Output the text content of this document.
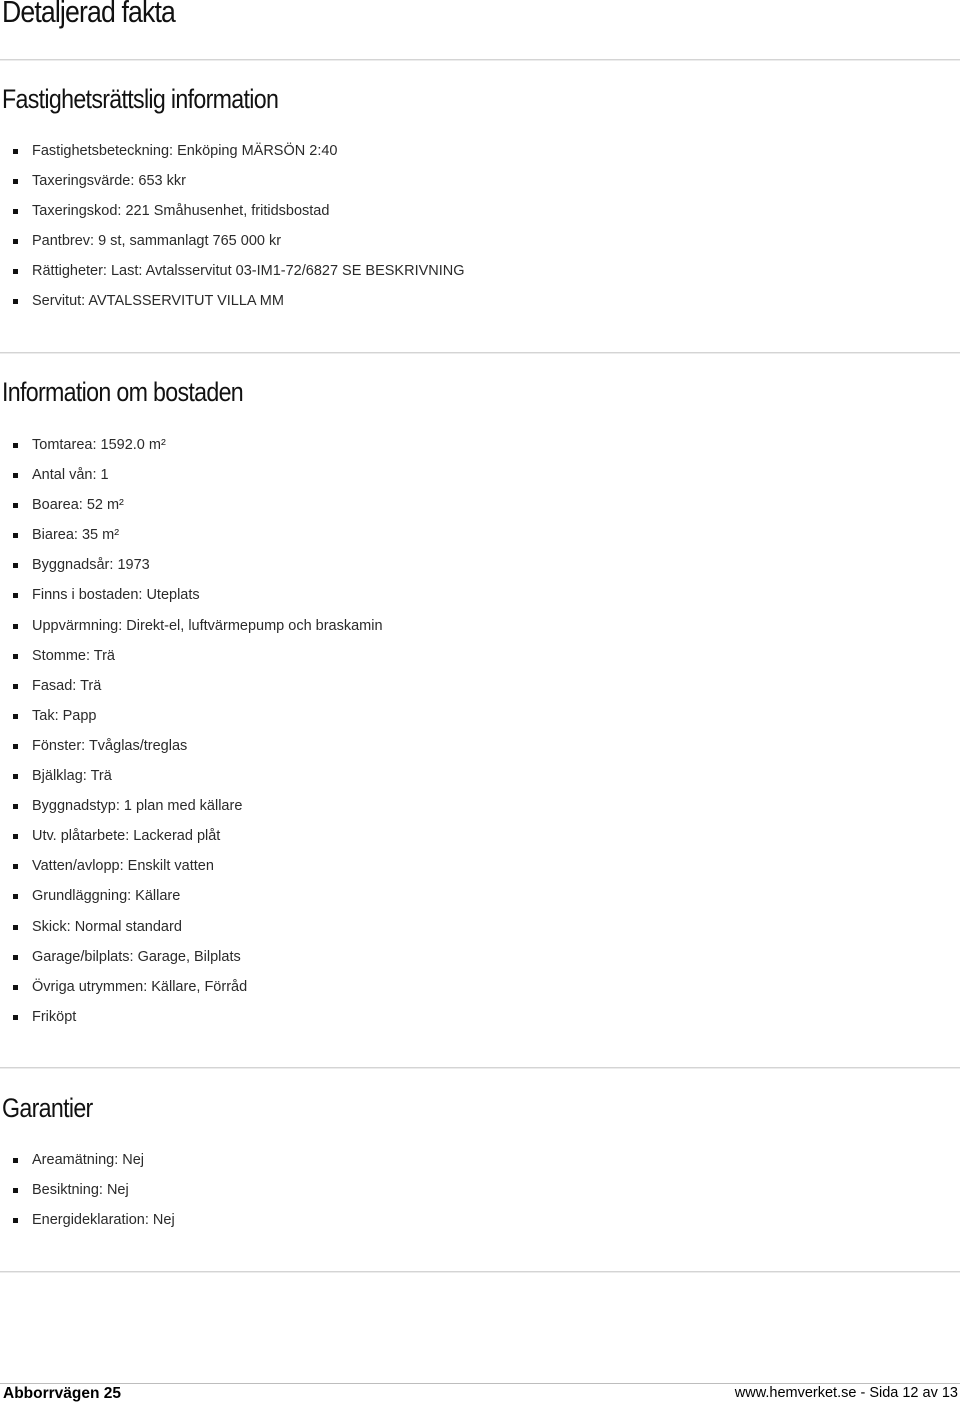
Detaljerad fakta
Fastighetsrättslig information
Fastighetsbeteckning: Enköping MÄRSÖN 2:40
Taxeringsvärde: 653 kkr
Taxeringskod: 221 Småhusenhet, fritidsbostad
Pantbrev: 9 st, sammanlagt 765 000 kr
Rättigheter: Last: Avtalsservitut 03-IM1-72/6827 SE BESKRIVNING
Servitut: AVTALSSERVITUT VILLA MM
Information om bostaden
Tomtarea: 1592.0 m²
Antal vån: 1
Boarea: 52 m²
Biarea: 35 m²
Byggnadsår: 1973
Finns i bostaden: Uteplats
Uppvärmning: Direkt-el, luftvärmepump och braskamin
Stomme: Trä
Fasad: Trä
Tak: Papp
Fönster: Tvåglas/treglas
Bjälklag: Trä
Byggnadstyp: 1 plan med källare
Utv. plåtarbete: Lackerad plåt
Vatten/avlopp: Enskilt vatten
Grundläggning: Källare
Skick: Normal standard
Garage/bilplats: Garage, Bilplats
Övriga utrymmen: Källare, Förråd
Friköpt
Garantier
Areamätning: Nej
Besiktning: Nej
Energideklaration: Nej
Abborrvägen 25	www.hemverket.se - Sida 12 av 13
